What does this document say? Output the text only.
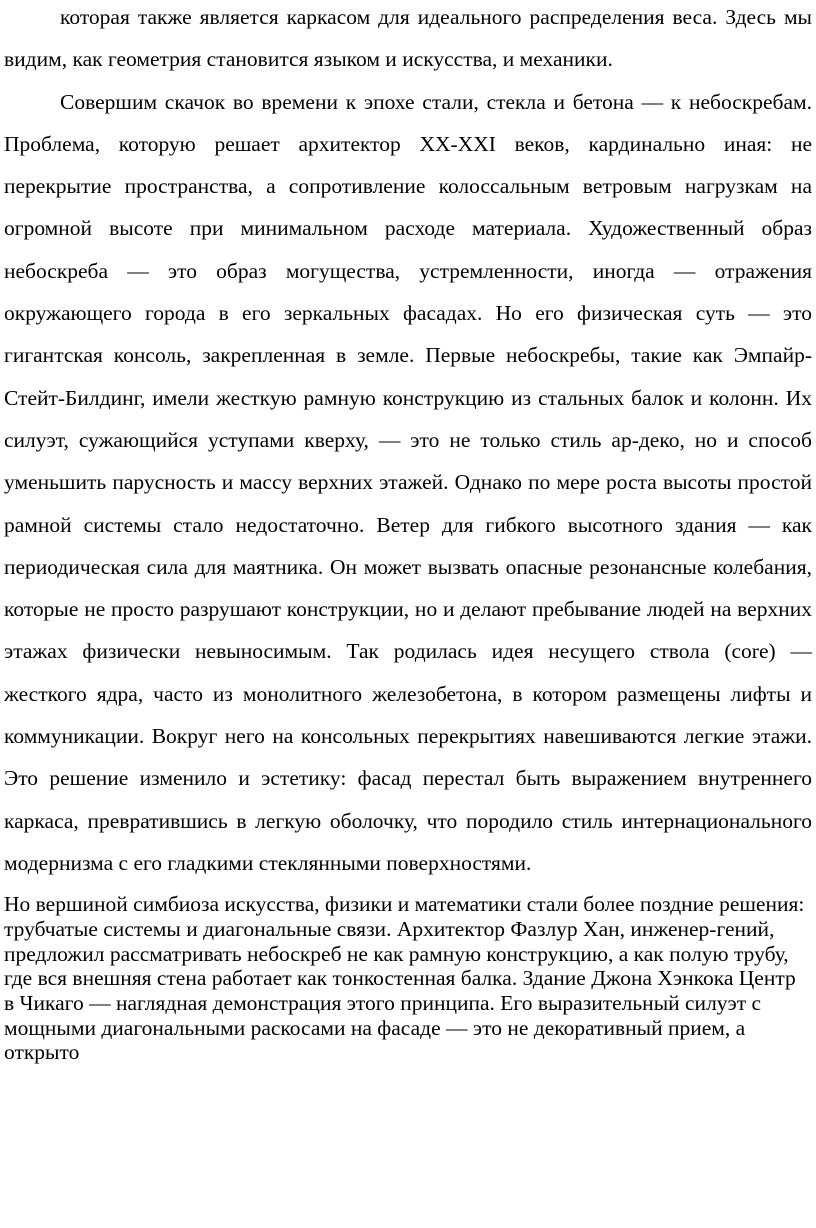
которая также является каркасом для идеального распределения веса. Здесь мы видим, как геометрия становится языком и искусства, и механики.

Совершим скачок во времени к эпохе стали, стекла и бетона — к небоскребам. Проблема, которую решает архитектор XX-XXI веков, кардинально иная: не перекрытие пространства, а сопротивление колоссальным ветровым нагрузкам на огромной высоте при минимальном расходе материала. Художественный образ небоскреба — это образ могущества, устремленности, иногда — отражения окружающего города в его зеркальных фасадах. Но его физическая суть — это гигантская консоль, закрепленная в земле. Первые небоскребы, такие как Эмпайр-Стейт-Билдинг, имели жесткую рамную конструкцию из стальных балок и колонн. Их силуэт, сужающийся уступами кверху, — это не только стиль ар-деко, но и способ уменьшить парусность и массу верхних этажей. Однако по мере роста высоты простой рамной системы стало недостаточно. Ветер для гибкого высотного здания — как периодическая сила для маятника. Он может вызвать опасные резонансные колебания, которые не просто разрушают конструкции, но и делают пребывание людей на верхних этажах физически невыносимым. Так родилась идея несущего ствола (core) — жесткого ядра, часто из монолитного железобетона, в котором размещены лифты и коммуникации. Вокруг него на консольных перекрытиях навешиваются легкие этажи. Это решение изменило и эстетику: фасад перестал быть выражением внутреннего каркаса, превратившись в легкую оболочку, что породило стиль интернационального модернизма с его гладкими стеклянными поверхностями.

Но вершиной симбиоза искусства, физики и математики стали более поздние решения: трубчатые системы и диагональные связи. Архитектор Фазлур Хан, инженер-гений, предложил рассматривать небоскреб не как рамную конструкцию, а как полую трубу, где вся внешняя стена работает как тонкостенная балка. Здание Джона Хэнкока Центр в Чикаго — наглядная демонстрация этого принципа. Его выразительный силуэт с мощными диагональными раскосами на фасаде — это не декоративный прием, а открыто
